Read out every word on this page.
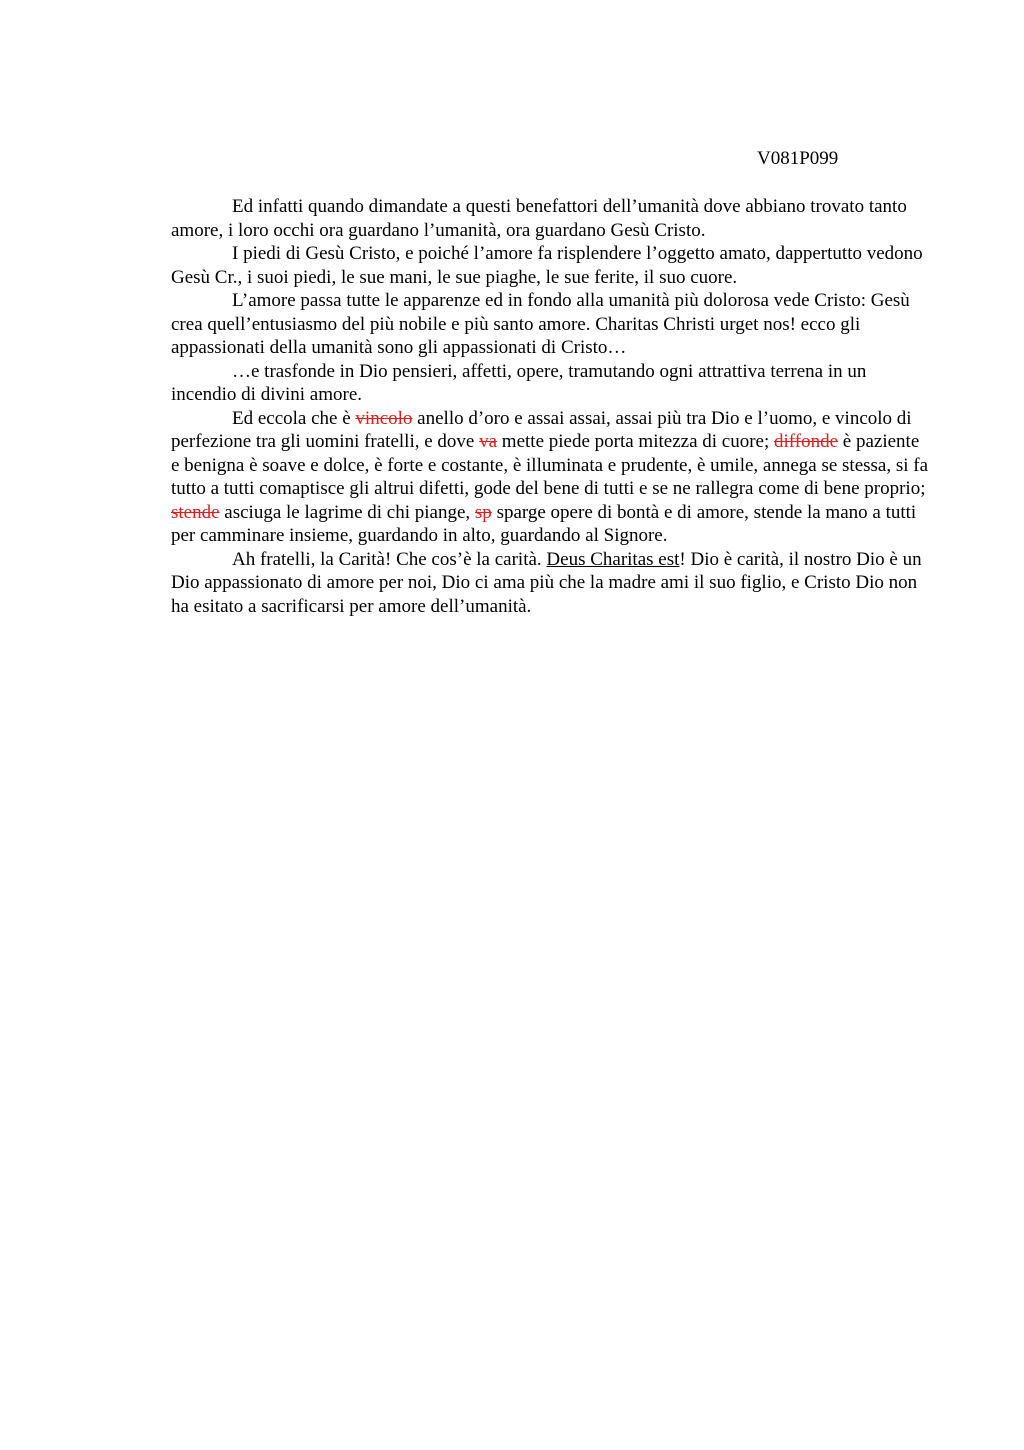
V081P099

Ed infatti quando dimandate a questi benefattori dell’umanità dove abbiano trovato tanto amore, i loro occhi ora guardano l’umanità, ora guardano Gesù Cristo.

I piedi di Gesù Cristo, e poiché l’amore fa risplendere l’oggetto amato, dappertutto vedono Gesù Cr., i suoi piedi, le sue mani, le sue piaghe, le sue ferite, il suo cuore.

L’amore passa tutte le apparenze ed in fondo alla umanità più dolorosa vede Cristo: Gesù crea quell’entusiasmo del più nobile e più santo amore. Charitas Christi urget nos! ecco gli appassionati della umanità sono gli appassionati di Cristo…

…e trasfonde in Dio pensieri, affetti, opere, tramutando ogni attrattiva terrena in un incendio di divini amore.

Ed eccola che è vincolo anello d’oro e assai assai, assai più tra Dio e l’uomo, e vincolo di perfezione tra gli uomini fratelli, e dove va mette piede porta mitezza di cuore; diffonde è paziente e benigna è soave e dolce, è forte e costante, è illuminata e prudente, è umile, annega se stessa, si fa tutto a tutti comaptisce gli altrui difetti, gode del bene di tutti e se ne rallegra come di bene proprio; stende asciuga le lagrime di chi piange, sp sparge opere di bontà e di amore, stende la mano a tutti per camminare insieme, guardando in alto, guardando al Signore.

Ah fratelli, la Carità! Che cos’è la carità. Deus Charitas est! Dio è carità, il nostro Dio è un Dio appassionato di amore per noi, Dio ci ama più che la madre ami il suo figlio, e Cristo Dio non ha esitato a sacrificarsi per amore dell’umanità.
